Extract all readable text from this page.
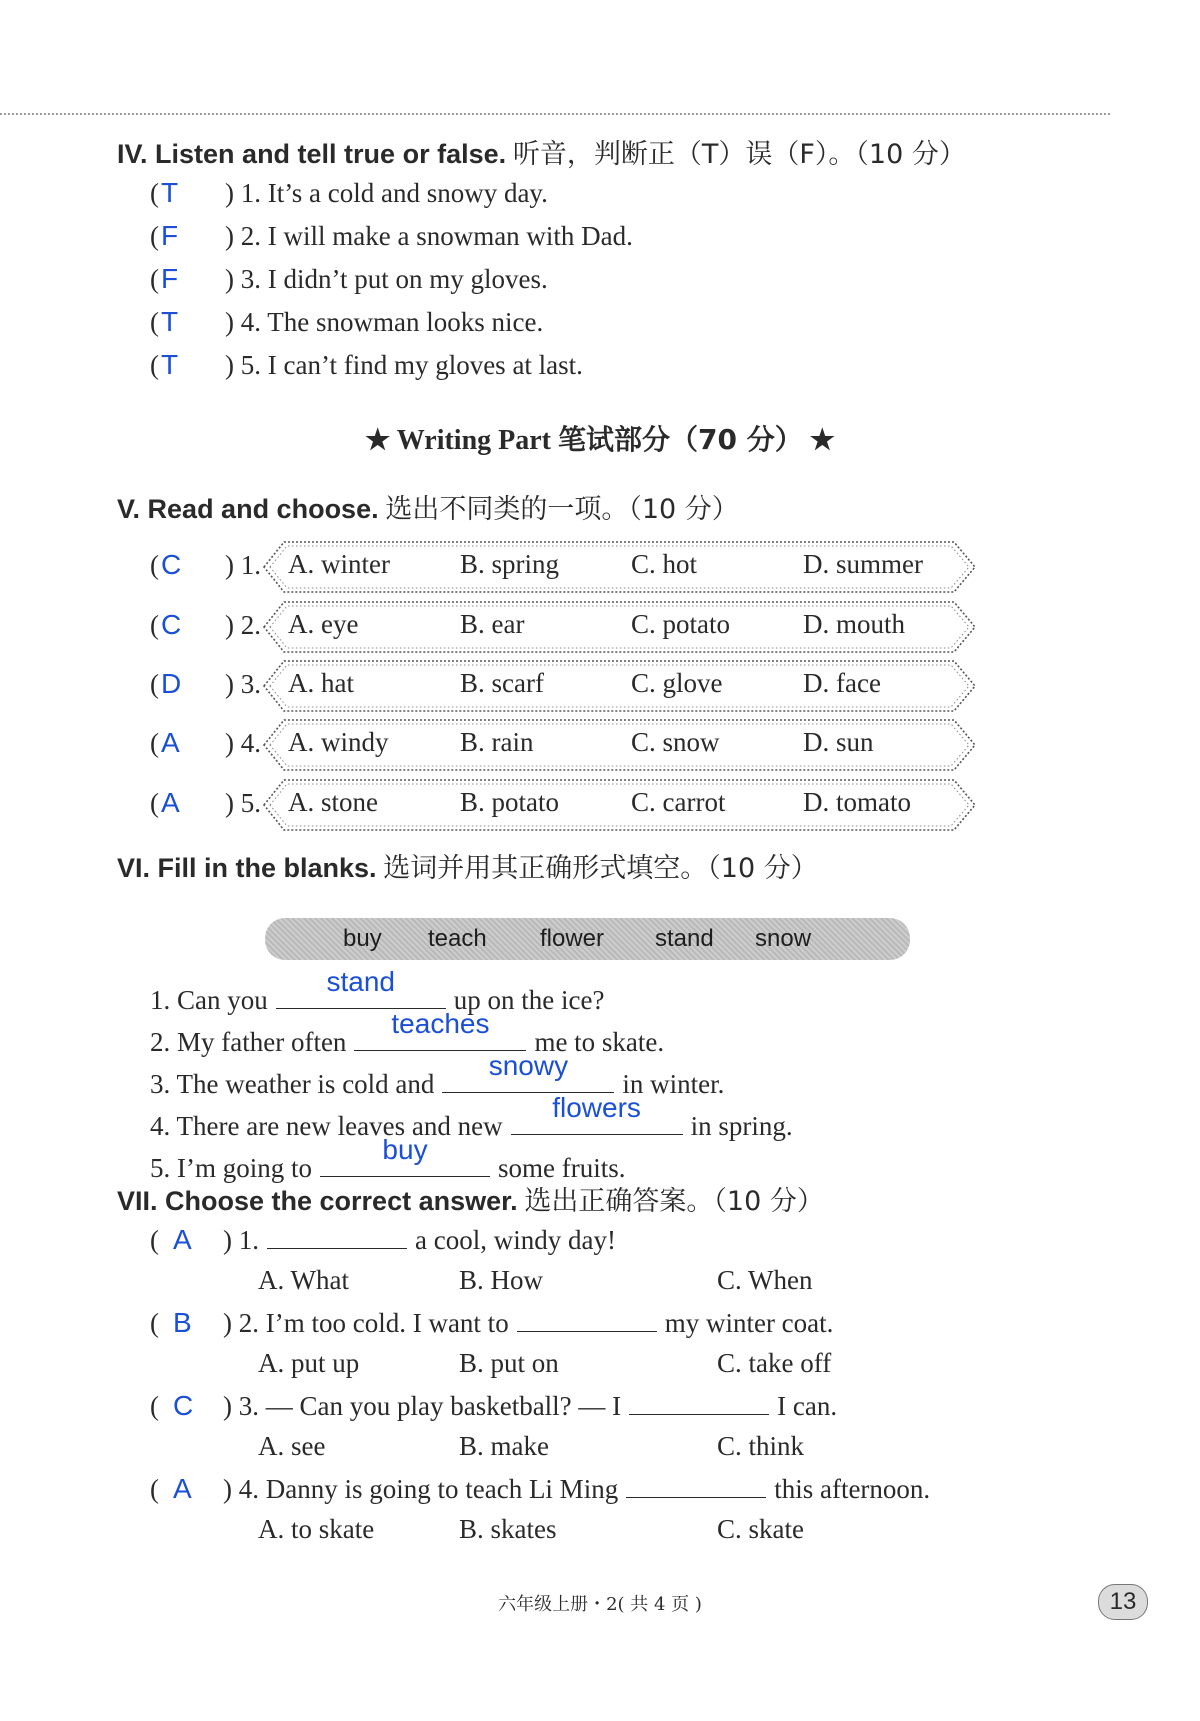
IV. Listen and tell true or false. 听音，判断正（T）误（F）。（10 分）
(T ) 1. It’s a cold and snowy day.
(F ) 2. I will make a snowman with Dad.
(F ) 3. I didn’t put on my gloves.
(T ) 4. The snowman looks nice.
(T ) 5. I can’t find my gloves at last.
★ Writing Part 笔试部分（70 分） ★
V. Read and choose. 选出不同类的一项。（10 分）
(C ) 1. A. winter	B. spring	C. hot	D. summer
(C ) 2. A. eye	B. ear	C. potato	D. mouth
(D ) 3. A. hat	B. scarf	C. glove	D. face
(A ) 4. A. windy	B. rain	C. snow	D. sun
(A ) 5. A. stone	B. potato	C. carrot	D. tomato
VI. Fill in the blanks. 选词并用其正确形式填空。（10 分）
buy teach flower stand snow
1. Can you
stand
up on the ice?
2. My father often
teaches
me to skate.
3. The weather is cold and
snowy
in winter.
4. There are new leaves and new
flowers
in spring.
5. I’m going to
buy
some fruits.
VII. Choose the correct answer. 选出正确答案。（10 分）
( A ) 1.	a cool, windy day!
A. What	B. How	C. When
( B ) 2. I’m too cold. I want to	my winter coat.
A. put up	B. put on	C. take off
( C ) 3. — Can you play basketball? — I	I can.
A. see	B. make	C. think
( A ) 4. Danny is going to teach Li Ming	this afternoon.
A. to skate	B. skates	C. skate
六年级上册・2( 共 4 页 )	13
